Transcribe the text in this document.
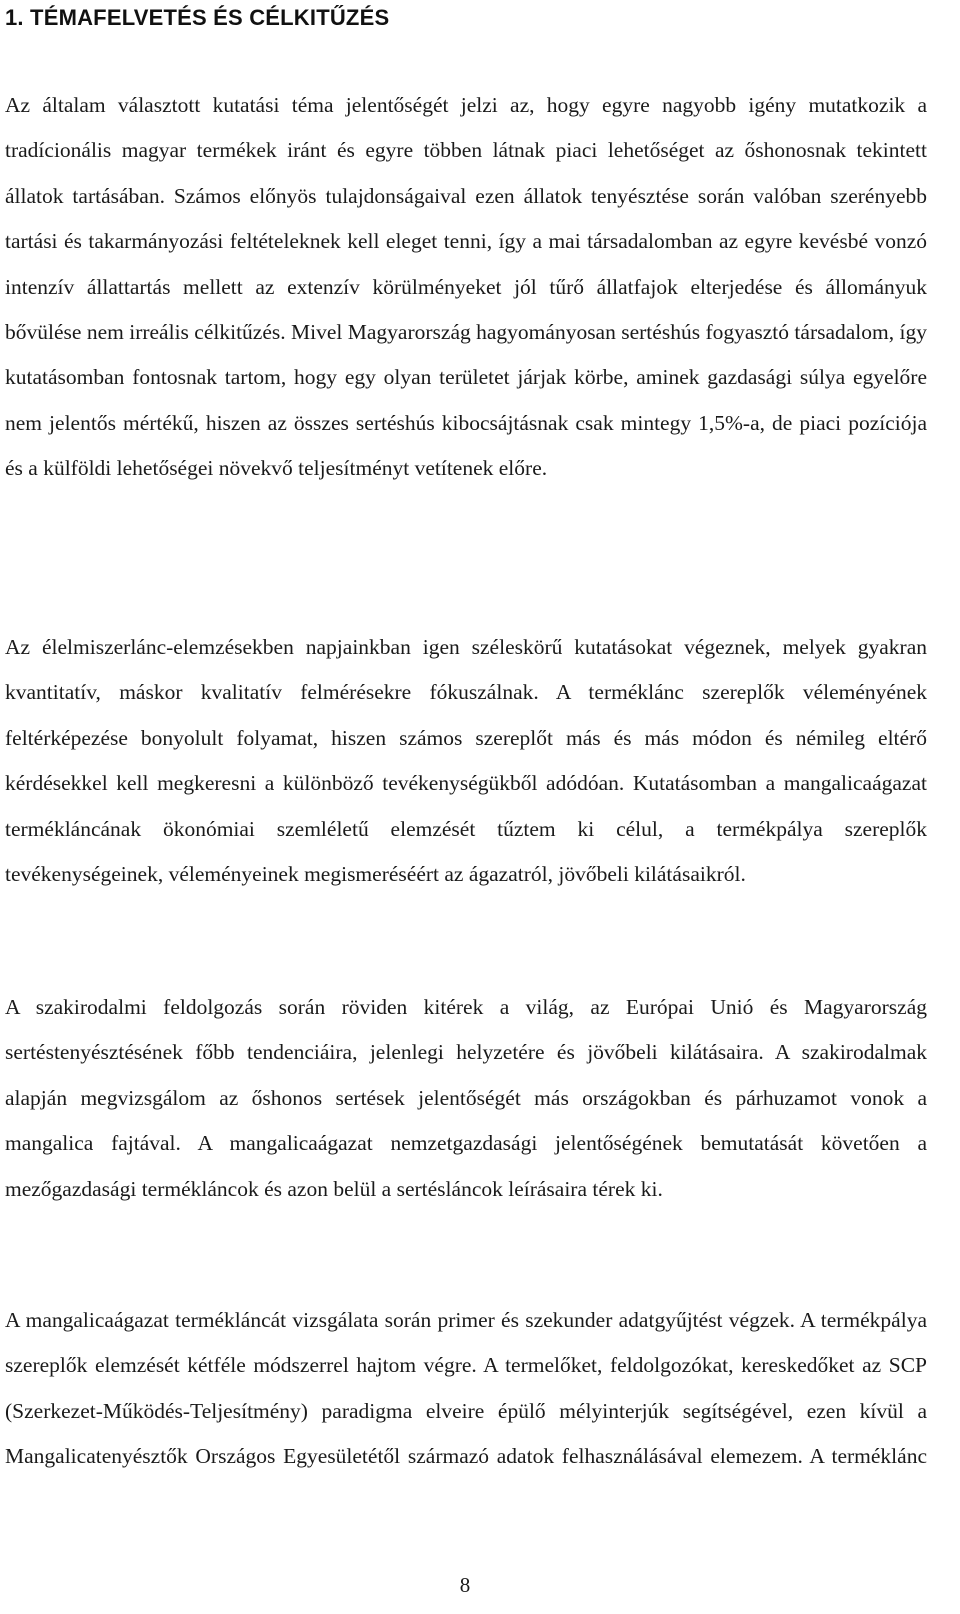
1. TÉMAFELVETÉS ÉS CÉLKITŰZÉS

Az általam választott kutatási téma jelentőségét jelzi az, hogy egyre nagyobb igény mutatkozik a tradícionális magyar termékek iránt és egyre többen látnak piaci lehetőséget az őshonosnak tekintett állatok tartásában. Számos előnyös tulajdonságaival ezen állatok tenyésztése során valóban szerényebb tartási és takarmányozási feltételeknek kell eleget tenni, így a mai társadalomban az egyre kevésbé vonzó intenzív állattartás mellett az extenzív körülményeket jól tűrő állatfajok elterjedése és állományuk bővülése nem irreális célkitűzés. Mivel Magyarország hagyományosan sertéshús fogyasztó társadalom, így kutatásomban fontosnak tartom, hogy egy olyan területet járjak körbe, aminek gazdasági súlya egyelőre nem jelentős mértékű, hiszen az összes sertéshús kibocsájtásnak csak mintegy 1,5%-a, de piaci pozíciója és a külföldi lehetőségei növekvő teljesítményt vetítenek előre.

Az élelmiszerlánc-elemzésekben napjainkban igen széleskörű kutatásokat végeznek, melyek gyakran kvantitatív, máskor kvalitatív felmérésekre fókuszálnak. A terméklánc szereplők véleményének feltérképezése bonyolult folyamat, hiszen számos szereplőt más és más módon és némileg eltérő kérdésekkel kell megkeresni a különböző tevékenységükből adódóan. Kutatásomban a mangalicaágazat termékláncának ökonómiai szemléletű elemzését tűztem ki célul, a termékpálya szereplők tevékenységeinek, véleményeinek megismeréséért az ágazatról, jövőbeli kilátásaikról.

A szakirodalmi feldolgozás során röviden kitérek a világ, az Európai Unió és Magyarország sertéstenyésztésének főbb tendenciáira, jelenlegi helyzetére és jövőbeli kilátásaira. A szakirodalmak alapján megvizsgálom az őshonos sertések jelentőségét más országokban és párhuzamot vonok a mangalica fajtával. A mangalicaágazat nemzetgazdasági jelentőségének bemutatását követően a mezőgazdasági termékláncok és azon belül a sertésláncok leírásaira térek ki.

A mangalicaágazat termékláncát vizsgálata során primer és szekunder adatgyűjtést végzek. A termékpálya szereplők elemzését kétféle módszerrel hajtom végre. A termelőket, feldolgozókat, kereskedőket az SCP (Szerkezet-Működés-Teljesítmény) paradigma elveire épülő mélyinterjúk segítségével, ezen kívül a Mangalicatenyésztők Országos Egyesületétől származó adatok felhasználásával elemezem. A terméklánc

8
